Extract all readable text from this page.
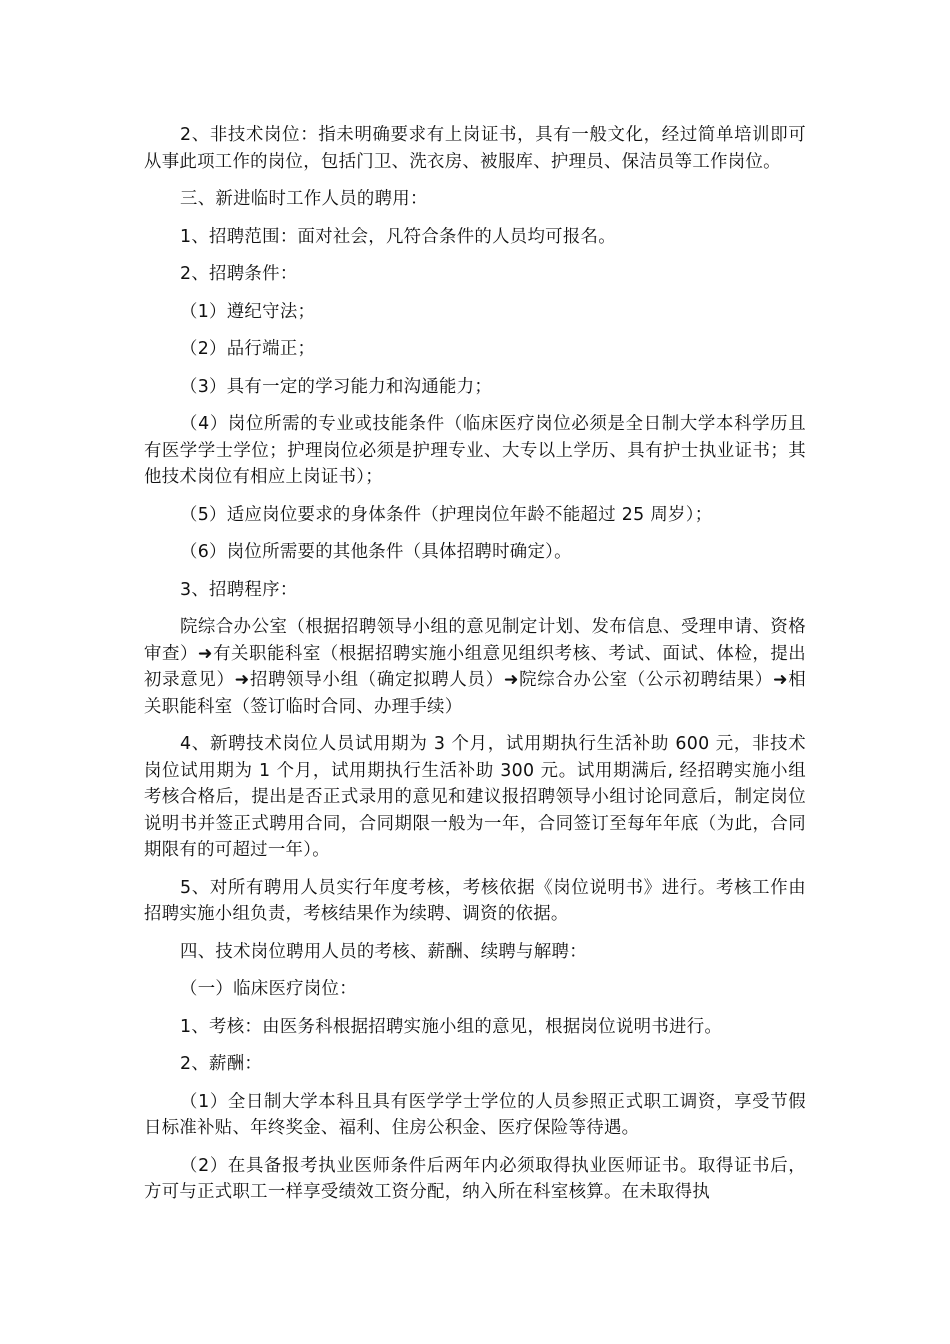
2、非技术岗位：指未明确要求有上岗证书，具有一般文化，经过简单培训即可从事此项工作的岗位，包括门卫、洗衣房、被服库、护理员、保洁员等工作岗位。

三、新进临时工作人员的聘用：

1、招聘范围：面对社会，凡符合条件的人员均可报名。

2、招聘条件：

（1）遵纪守法；

（2）品行端正；

（3）具有一定的学习能力和沟通能力；

（4）岗位所需的专业或技能条件（临床医疗岗位必须是全日制大学本科学历且有医学学士学位；护理岗位必须是护理专业、大专以上学历、具有护士执业证书；其他技术岗位有相应上岗证书）；

（5）适应岗位要求的身体条件（护理岗位年龄不能超过 25 周岁）；

（6）岗位所需要的其他条件（具体招聘时确定）。

3、招聘程序：

院综合办公室（根据招聘领导小组的意见制定计划、发布信息、受理申请、资格审查）➜有关职能科室（根据招聘实施小组意见组织考核、考试、面试、体检，提出初录意见）➜招聘领导小组（确定拟聘人员）➜院综合办公室（公示初聘结果）➜相关职能科室（签订临时合同、办理手续）

4、新聘技术岗位人员试用期为 3 个月，试用期执行生活补助 600 元，非技术岗位试用期为 1 个月，试用期执行生活补助 300 元。试用期满后, 经招聘实施小组考核合格后，提出是否正式录用的意见和建议报招聘领导小组讨论同意后，制定岗位说明书并签正式聘用合同，合同期限一般为一年，合同签订至每年年底（为此，合同期限有的可超过一年）。

5、对所有聘用人员实行年度考核，考核依据《岗位说明书》进行。考核工作由招聘实施小组负责，考核结果作为续聘、调资的依据。

四、技术岗位聘用人员的考核、薪酬、续聘与解聘：

（一）临床医疗岗位：

1、考核：由医务科根据招聘实施小组的意见，根据岗位说明书进行。

2、薪酬：

（1）全日制大学本科且具有医学学士学位的人员参照正式职工调资，享受节假日标准补贴、年终奖金、福利、住房公积金、医疗保险等待遇。

（2）在具备报考执业医师条件后两年内必须取得执业医师证书。取得证书后，方可与正式职工一样享受绩效工资分配，纳入所在科室核算。在未取得执
